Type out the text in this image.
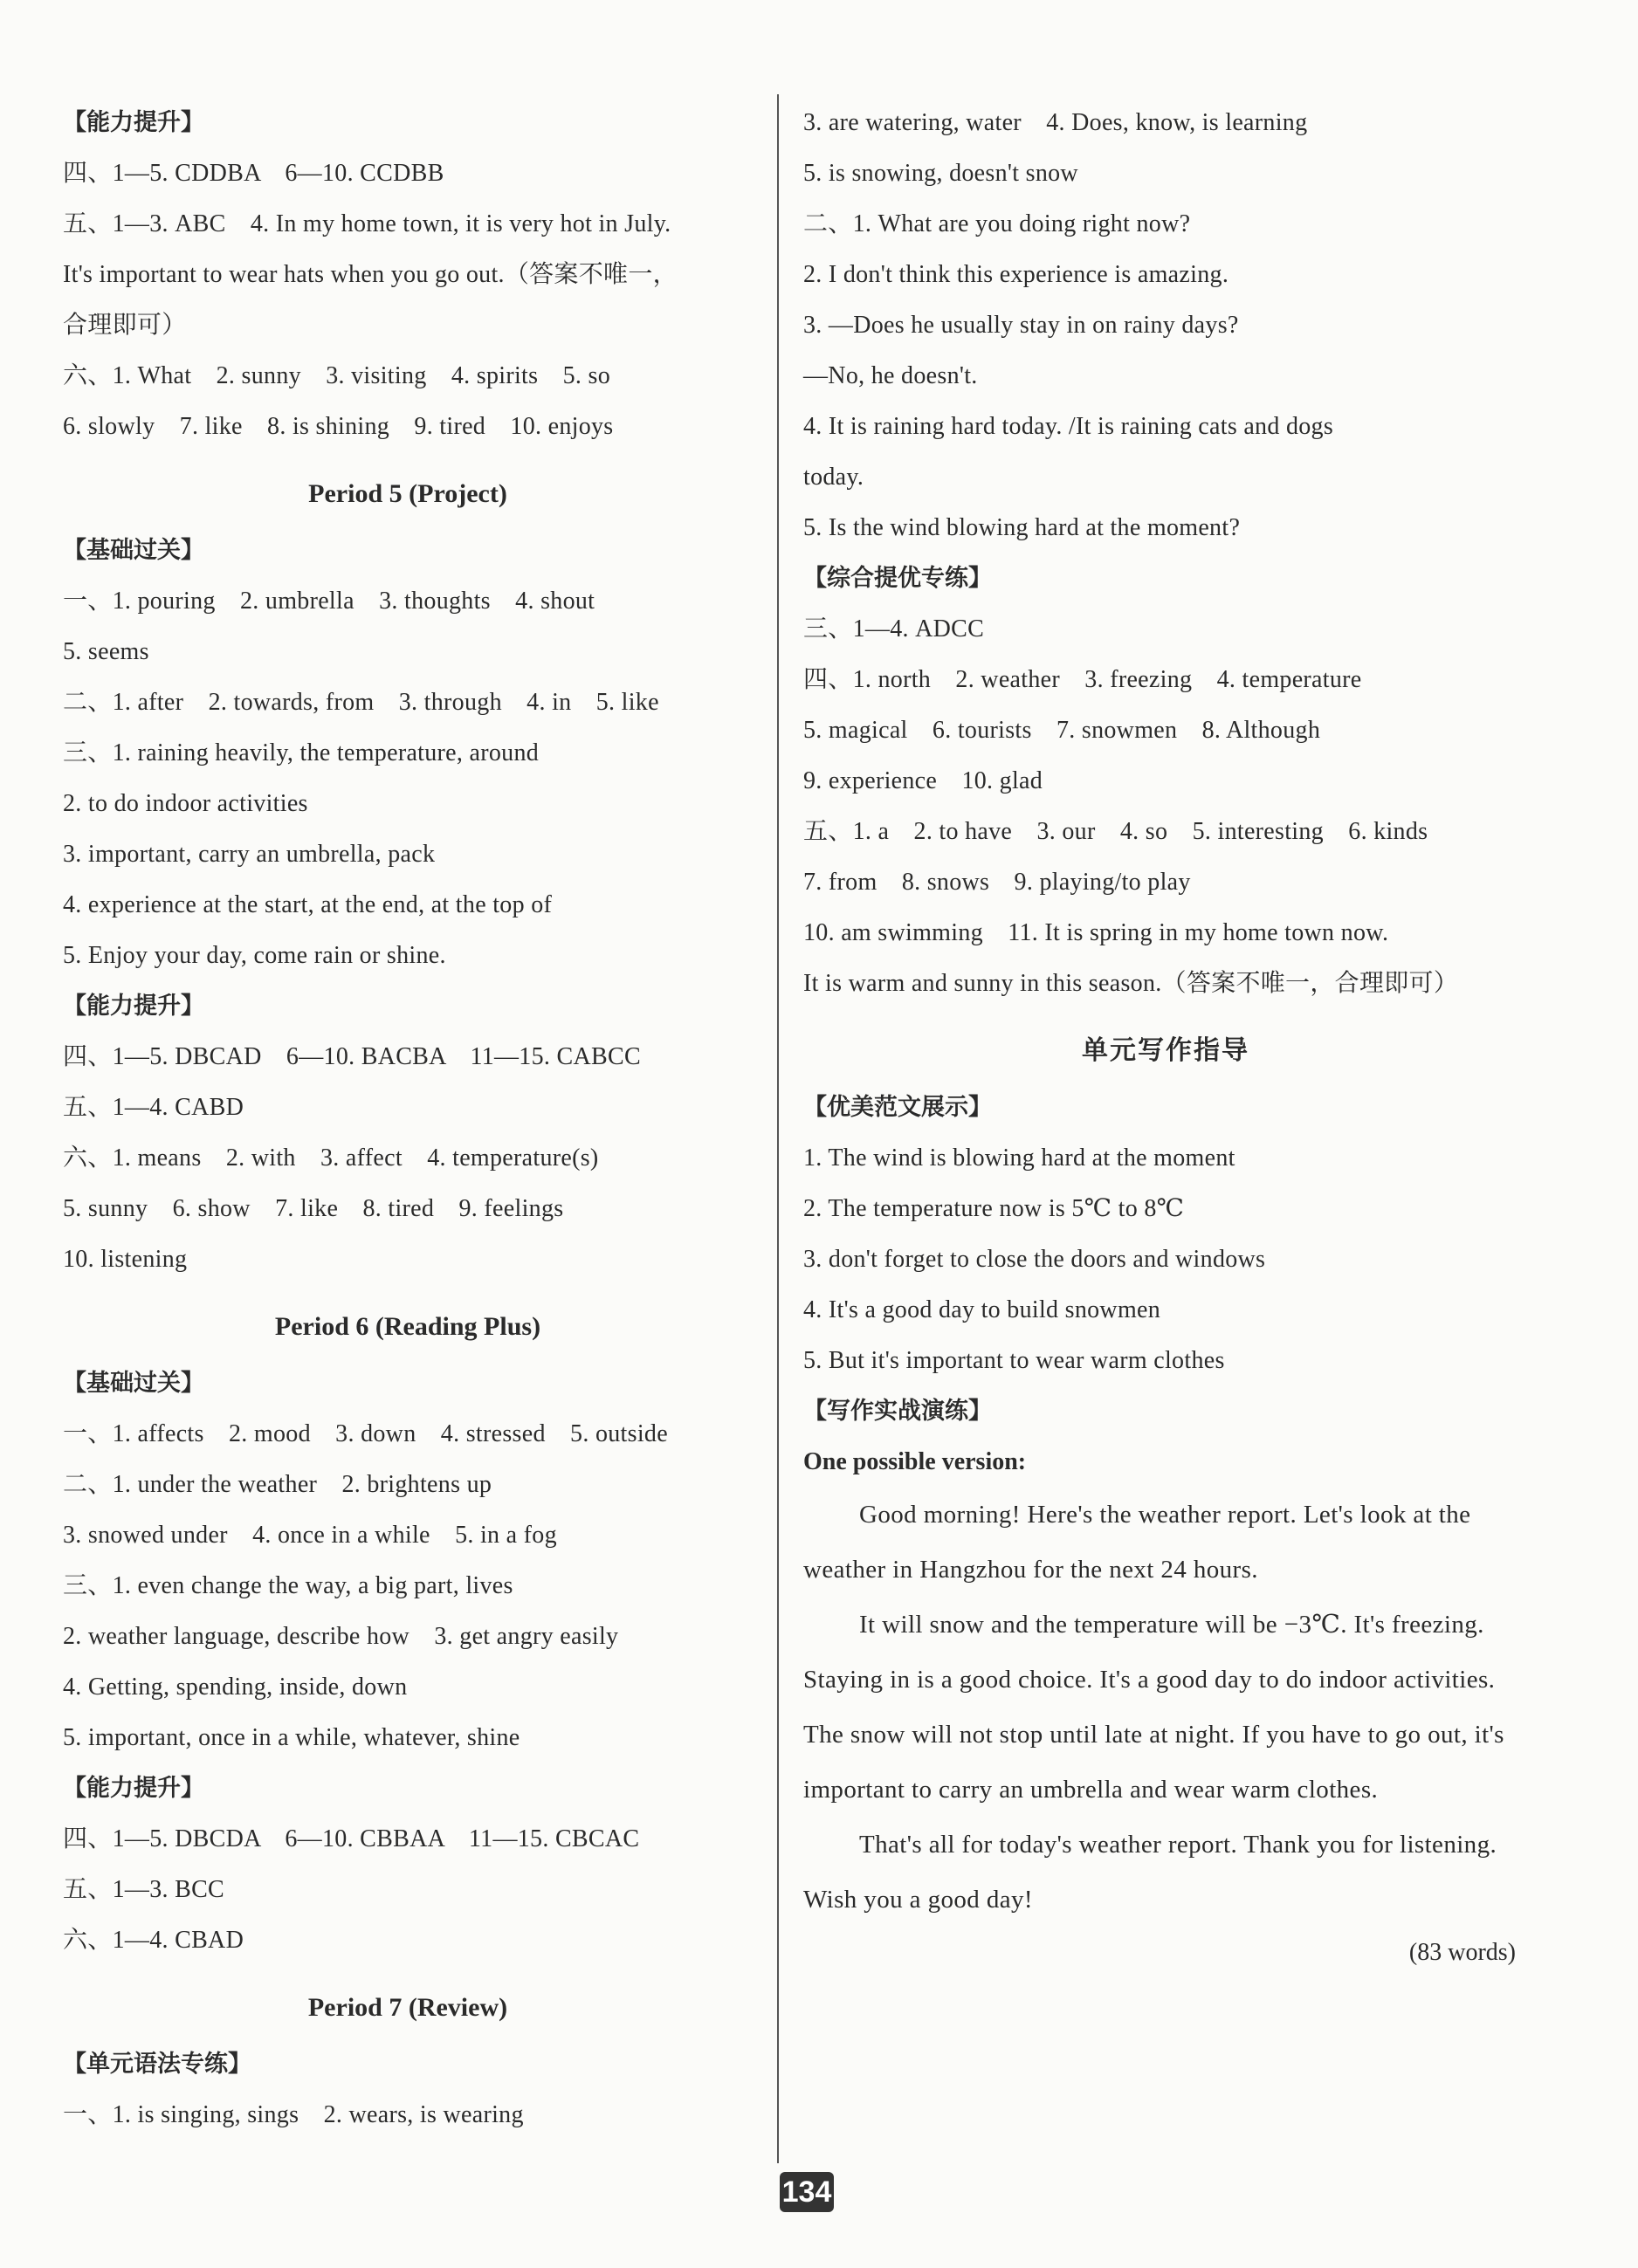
【能力提升】
四、1—5. CDDBA　6—10. CCDBB
五、1—3. ABC　4. In my home town, it is very hot in July.
It's important to wear hats when you go out.（答案不唯一，
合理即可）
六、1. What　2. sunny　3. visiting　4. spirits　5. so
6. slowly　7. like　8. is shining　9. tired　10. enjoys
Period 5 (Project)
【基础过关】
一、1. pouring　2. umbrella　3. thoughts　4. shout
5. seems
二、1. after　2. towards, from　3. through　4. in　5. like
三、1. raining heavily, the temperature, around
2. to do indoor activities
3. important, carry an umbrella, pack
4. experience at the start, at the end, at the top of
5. Enjoy your day, come rain or shine.
【能力提升】
四、1—5. DBCAD　6—10. BACBA　11—15. CABCC
五、1—4. CABD
六、1. means　2. with　3. affect　4. temperature(s)
5. sunny　6. show　7. like　8. tired　9. feelings
10. listening
Period 6 (Reading Plus)
【基础过关】
一、1. affects　2. mood　3. down　4. stressed　5. outside
二、1. under the weather　2. brightens up
3. snowed under　4. once in a while　5. in a fog
三、1. even change the way, a big part, lives
2. weather language, describe how　3. get angry easily
4. Getting, spending, inside, down
5. important, once in a while, whatever, shine
【能力提升】
四、1—5. DBCDA　6—10. CBBAA　11—15. CBCAC
五、1—3. BCC
六、1—4. CBAD
Period 7 (Review)
【单元语法专练】
一、1. is singing, sings　2. wears, is wearing
3. are watering, water　4. Does, know, is learning
5. is snowing, doesn't snow
二、1. What are you doing right now?
2. I don't think this experience is amazing.
3. —Does he usually stay in on rainy days?
—No, he doesn't.
4. It is raining hard today. /It is raining cats and dogs
today.
5. Is the wind blowing hard at the moment?
【综合提优专练】
三、1—4. ADCC
四、1. north　2. weather　3. freezing　4. temperature
5. magical　6. tourists　7. snowmen　8. Although
9. experience　10. glad
五、1. a　2. to have　3. our　4. so　5. interesting　6. kinds
7. from　8. snows　9. playing/to play
10. am swimming　11. It is spring in my home town now.
It is warm and sunny in this season.（答案不唯一，合理即可）
单元写作指导
【优美范文展示】
1. The wind is blowing hard at the moment
2. The temperature now is 5℃ to 8℃
3. don't forget to close the doors and windows
4. It's a good day to build snowmen
5. But it's important to wear warm clothes
【写作实战演练】
One possible version:
Good morning! Here's the weather report. Let's look at the weather in Hangzhou for the next 24 hours.
It will snow and the temperature will be −3℃. It's freezing. Staying in is a good choice. It's a good day to do indoor activities. The snow will not stop until late at night. If you have to go out, it's important to carry an umbrella and wear warm clothes.
That's all for today's weather report. Thank you for listening. Wish you a good day!
(83 words)
134
